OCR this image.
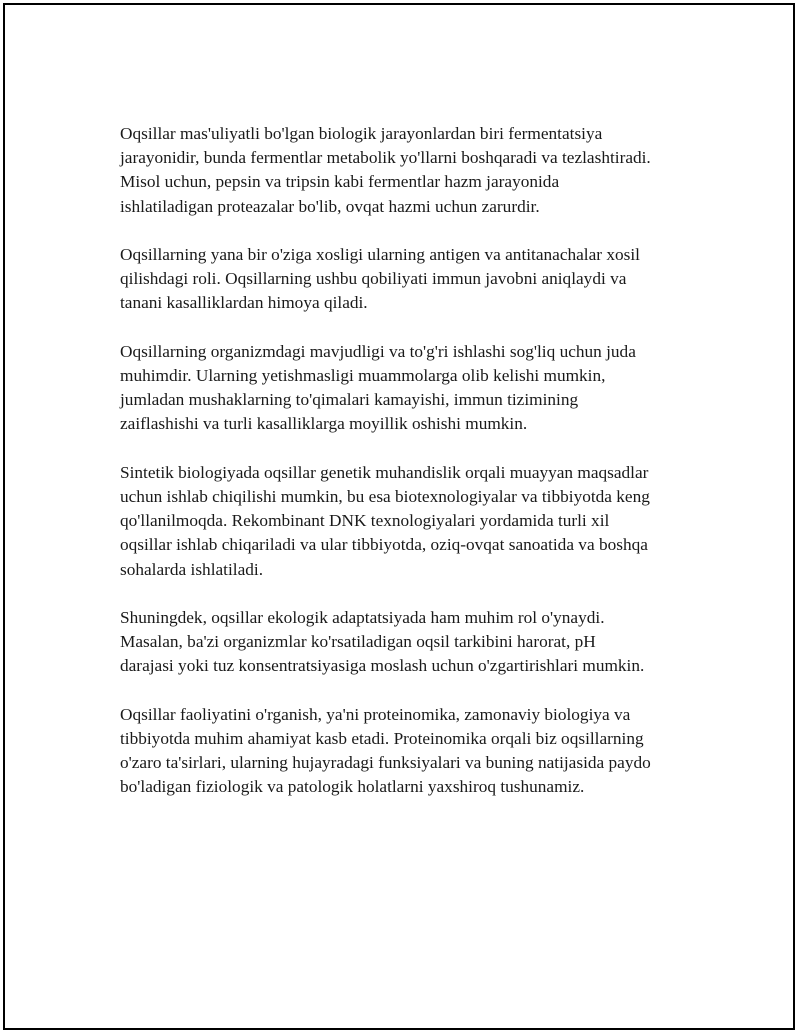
Oqsillar mas'uliyatli bo'lgan biologik jarayonlardan biri fermentatsiya
jarayonidir, bunda fermentlar metabolik yo'llarni boshqaradi va tezlashtiradi.
Misol uchun, pepsin va tripsin kabi fermentlar hazm jarayonida
ishlatiladigan proteazalar bo'lib, ovqat hazmi uchun zarurdir.

Oqsillarning yana bir o'ziga xosligi ularning antigen va antitanachalar xosil
qilishdagi roli. Oqsillarning ushbu qobiliyati immun javobni aniqlaydi va
tanani kasalliklardan himoya qiladi.

Oqsillarning organizmdagi mavjudligi va to'g'ri ishlashi sog'liq uchun juda
muhimdir. Ularning yetishmasligi muammolarga olib kelishi mumkin,
jumladan mushaklarning to'qimalari kamayishi, immun tizimining
zaiflashishi va turli kasalliklarga moyillik oshishi mumkin.

Sintetik biologiyada oqsillar genetik muhandislik orqali muayyan maqsadlar
uchun ishlab chiqilishi mumkin, bu esa biotexnologiyalar va tibbiyotda keng
qo'llanilmoqda. Rekombinant DNK texnologiyalari yordamida turli xil
oqsillar ishlab chiqariladi va ular tibbiyotda, oziq-ovqat sanoatida va boshqa
sohalarda ishlatiladi.

Shuningdek, oqsillar ekologik adaptatsiyada ham muhim rol o'ynaydi.
Masalan, ba'zi organizmlar ko'rsatiladigan oqsil tarkibini harorat, pH
darajasi yoki tuz konsentratsiyasiga moslash uchun o'zgartirishlari mumkin.

Oqsillar faoliyatini o'rganish, ya'ni proteinomika, zamonaviy biologiya va
tibbiyotda muhim ahamiyat kasb etadi. Proteinomika orqali biz oqsillarning
o'zaro ta'sirlari, ularning hujayradagi funksiyalari va buning natijasida paydo
bo'ladigan fiziologik va patologik holatlarni yaxshiroq tushunamiz.
